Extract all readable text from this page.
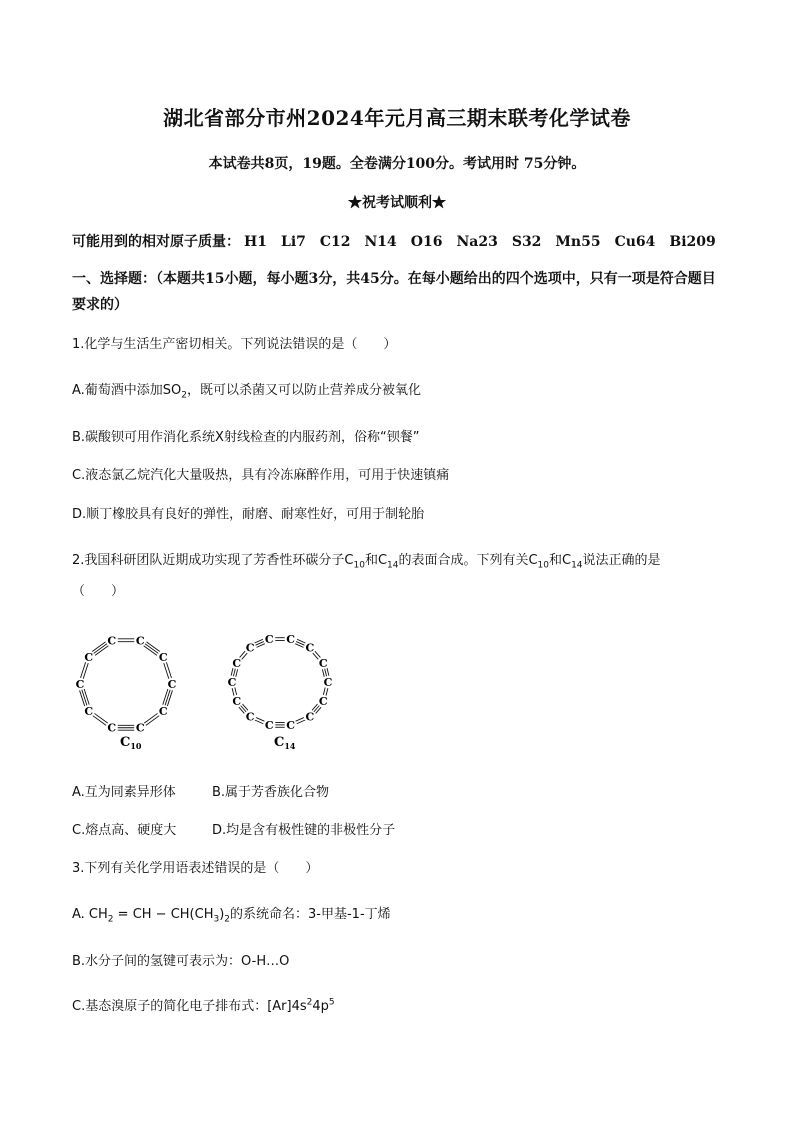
湖北省部分市州2024年元月高三期末联考化学试卷
本试卷共8页，19题。全卷满分100分。考试用时 75分钟。
★祝考试顺利★
可能用到的相对原子质量： H1 Li7 C12 N14 O16 Na23 S32 Mn55 Cu64 Bi209
一、选择题：（本题共15小题，每小题3分，共45分。在每小题给出的四个选项中，只有一项是符合题目要求的）
1.化学与生活生产密切相关。下列说法错误的是（　　）
A.葡萄酒中添加$SO_2$，既可以杀菌又可以防止营养成分被氧化
B.碳酸钡可用作消化系统X射线检查的内服药剂，俗称“钡餐”
C.液态氯乙烷汽化大量吸热，具有冷冻麻醉作用，可用于快速镇痛
D.顺丁橡胶具有良好的弹性，耐磨、耐寒性好，可用于制轮胎
2.我国科研团队近期成功实现了芳香性环碳分子$C_{10}$和$C_{14}$的表面合成。下列有关$C_{10}$和$C_{14}$说法正确的是
（　　）
C
C
C
C
C
C
C
C
C
C	C
C
C
C
C
C
C
C
C
C
C
C
C
C
$C_{10}$	$C_{14}$
A.互为同素异形体	B.属于芳香族化合物
C.熔点高、硬度大	D.均是含有极性键的非极性分子
3.下列有关化学用语表述错误的是（　　）
A. $CH_2$ = CH − $CH(CH_3)_2$的系统命名：3-甲基-1-丁烯
B.水分子间的氢键可表示为：O-H…O
C.基态溴原子的简化电子排布式：$[Ar]4s^24p^5$
